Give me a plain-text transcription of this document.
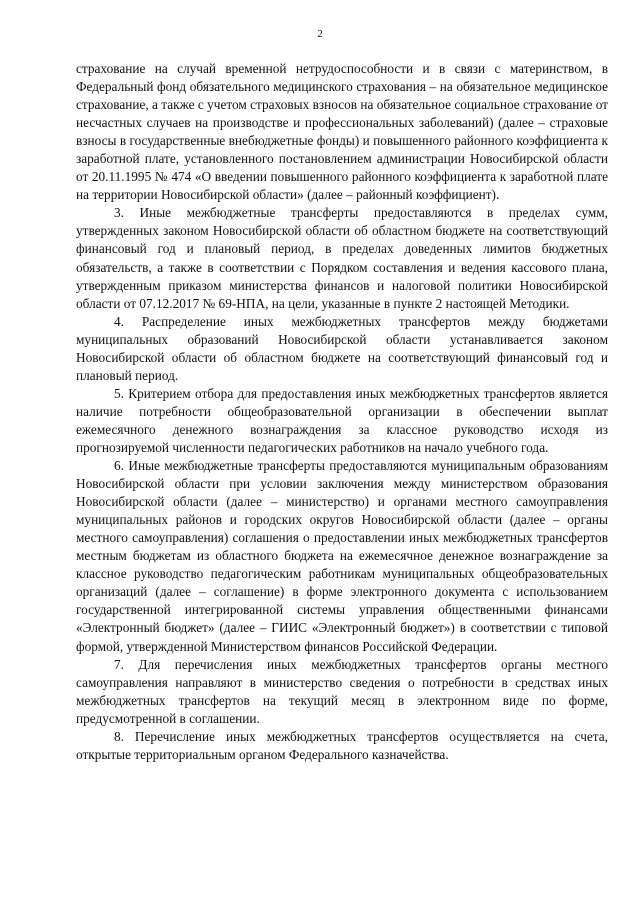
2

страхование на случай временной нетрудоспособности и в связи с материнством, в Федеральный фонд обязательного медицинского страхования – на обязательное медицинское страхование, а также с учетом страховых взносов на обязательное социальное страхование от несчастных случаев на производстве и профессиональных заболеваний) (далее – страховые взносы в государственные внебюджетные фонды) и повышенного районного коэффициента к заработной плате, установленного постановлением администрации Новосибирской области от 20.11.1995 № 474 «О введении повышенного районного коэффициента к заработной плате на территории Новосибирской области» (далее – районный коэффициент).

3. Иные межбюджетные трансферты предоставляются в пределах сумм, утвержденных законом Новосибирской области об областном бюджете на соответствующий финансовый год и плановый период, в пределах доведенных лимитов бюджетных обязательств, а также в соответствии с Порядком составления и ведения кассового плана, утвержденным приказом министерства финансов и налоговой политики Новосибирской области от 07.12.2017 № 69-НПА, на цели, указанные в пункте 2 настоящей Методики.

4. Распределение иных межбюджетных трансфертов между бюджетами муниципальных образований Новосибирской области устанавливается законом Новосибирской области об областном бюджете на соответствующий финансовый год и плановый период.

5. Критерием отбора для предоставления иных межбюджетных трансфертов является наличие потребности общеобразовательной организации в обеспечении выплат ежемесячного денежного вознаграждения за классное руководство исходя из прогнозируемой численности педагогических работников на начало учебного года.

6. Иные межбюджетные трансферты предоставляются муниципальным образованиям Новосибирской области при условии заключения между министерством образования Новосибирской области (далее – министерство) и органами местного самоуправления муниципальных районов и городских округов Новосибирской области (далее – органы местного самоуправления) соглашения о предоставлении иных межбюджетных трансфертов местным бюджетам из областного бюджета на ежемесячное денежное вознаграждение за классное руководство педагогическим работникам муниципальных общеобразовательных организаций (далее – соглашение) в форме электронного документа с использованием государственной интегрированной системы управления общественными финансами «Электронный бюджет» (далее – ГИИС «Электронный бюджет») в соответствии с типовой формой, утвержденной Министерством финансов Российской Федерации.

7. Для перечисления иных межбюджетных трансфертов органы местного самоуправления направляют в министерство сведения о потребности в средствах иных межбюджетных трансфертов на текущий месяц в электронном виде по форме, предусмотренной в соглашении.

8. Перечисление иных межбюджетных трансфертов осуществляется на счета, открытые территориальным органом Федерального казначейства.
